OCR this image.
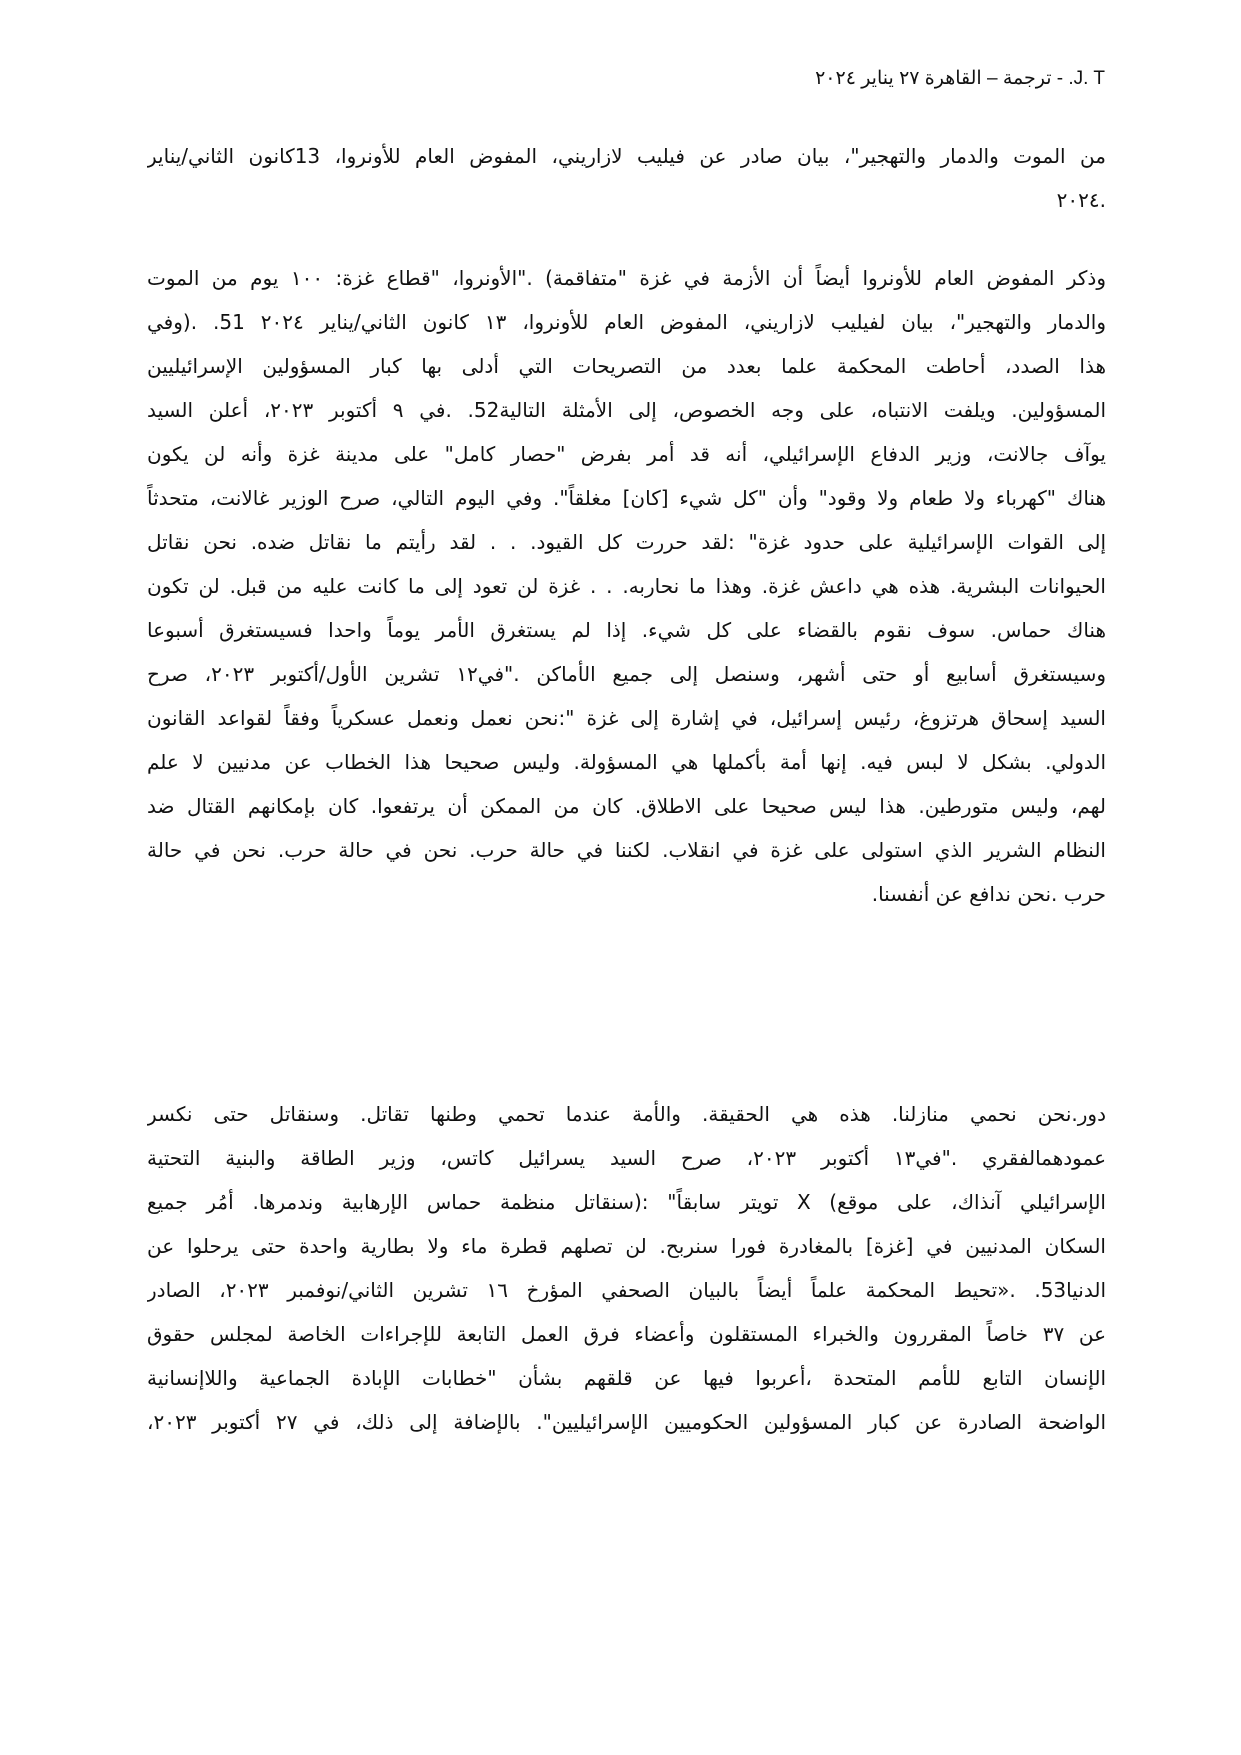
J. T. - ترجمة – القاهرة ٢٧ يناير ٢٠٢٤
من الموت والدمار والتهجير"، بيان صادر عن فيليب لازاريني، المفوض العام للأونروا، 13كانون الثاني/يناير
.٢٠٢٤
وذكر المفوض العام للأونروا أيضاً أن الأزمة في غزة "متفاقمة) ."الأونروا، "قطاع غزة: ١٠٠ يوم من الموت
والدمار والتهجير"، بيان لفيليب لازاريني، المفوض العام للأونروا، ١٣ كانون الثاني/يناير ٢٠٢٤ 51. .(وفي
هذا الصدد، أحاطت المحكمة علما بعدد من التصريحات التي أدلى بها كبار المسؤولين الإسرائيليين
المسؤولين. ويلفت الانتباه، على وجه الخصوص، إلى الأمثلة التالية52. .في ٩ أكتوبر ٢٠٢٣، أعلن السيد
يوآف جالانت، وزير الدفاع الإسرائيلي، أنه قد أمر بفرض "حصار كامل" على مدينة غزة وأنه لن يكون
هناك "كهرباء ولا طعام ولا وقود" وأن "كل شيء [كان] مغلقاً". وفي اليوم التالي، صرح الوزير غالانت، متحدثاً
إلى القوات الإسرائيلية على حدود غزة" :لقد حررت كل القيود. . . لقد رأيتم ما نقاتل ضده. نحن نقاتل
الحيوانات البشرية. هذه هي داعش غزة. وهذا ما نحاربه. . . غزة لن تعود إلى ما كانت عليه من قبل. لن تكون
هناك حماس. سوف نقوم بالقضاء على كل شيء. إذا لم يستغرق الأمر يوماً واحدا فسيستغرق أسبوعا
وسيستغرق أسابيع أو حتى أشهر، وسنصل إلى جميع الأماكن ."في١٢ تشرين الأول/أكتوبر ٢٠٢٣، صرح
السيد إسحاق هرتزوغ، رئيس إسرائيل، في إشارة إلى غزة ":نحن نعمل ونعمل عسكرياً وفقاً لقواعد القانون
الدولي. بشكل لا لبس فيه. إنها أمة بأكملها هي المسؤولة. وليس صحيحا هذا الخطاب عن مدنيين لا علم
لهم، وليس متورطين. هذا ليس صحيحا على الاطلاق. كان من الممكن أن يرتفعوا. كان بإمكانهم القتال ضد
النظام الشرير الذي استولى على غزة في انقلاب. لكننا في حالة حرب. نحن في حالة حرب. نحن في حالة
حرب .نحن ندافع عن أنفسنا.
دور.نحن نحمي منازلنا. هذه هي الحقيقة. والأمة عندما تحمي وطنها تقاتل. وسنقاتل حتى نكسر
عمودهمالفقري ."في١٣ أكتوبر ٢٠٢٣، صرح السيد يسرائيل كاتس، وزير الطاقة والبنية التحتية
الإسرائيلي آنذاك، على موقع) X تويتر سابقاً" :(سنقاتل منظمة حماس الإرهابية وندمرها. أمُر جميع
السكان المدنيين في [غزة] بالمغادرة فورا سنربح. لن تصلهم قطرة ماء ولا بطارية واحدة حتى يرحلوا عن
الدنيا53. .«تحيط المحكمة علماً أيضاً بالبيان الصحفي المؤرخ ١٦ تشرين الثاني/نوفمبر ٢٠٢٣، الصادر
عن ٣٧ خاصاً المقررون والخبراء المستقلون وأعضاء فرق العمل التابعة للإجراءات الخاصة لمجلس حقوق
الإنسان التابع للأمم المتحدة ،أعربوا فيها عن قلقهم بشأن "خطابات الإبادة الجماعية واللاإنسانية
الواضحة الصادرة عن كبار المسؤولين الحكوميين الإسرائيليين". بالإضافة إلى ذلك، في ٢٧ أكتوبر ٢٠٢٣،
